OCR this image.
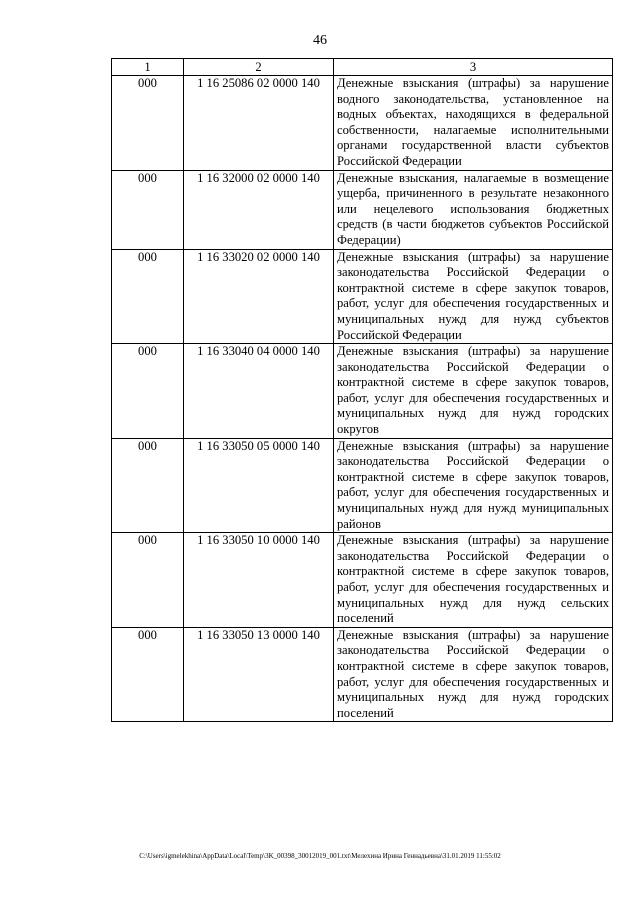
46
1	2	3
000	1 16 25086 02 0000 140	Денежные взыскания (штрафы) за нарушение водного законодательства, установленное на водных объектах, находящихся в федеральной собственности, налагаемые исполнительными органами государственной власти субъектов Российской Федерации
000	1 16 32000 02 0000 140	Денежные взыскания, налагаемые в возмещение ущерба, причиненного в результате незаконного или нецелевого использования бюджетных средств (в части бюджетов субъектов Российской Федерации)
000	1 16 33020 02 0000 140	Денежные взыскания (штрафы) за нарушение законодательства Российской Федерации о контрактной системе в сфере закупок товаров, работ, услуг для обеспечения государственных и муниципальных нужд для нужд субъектов Российской Федерации
000	1 16 33040 04 0000 140	Денежные взыскания (штрафы) за нарушение законодательства Российской Федерации о контрактной системе в сфере закупок товаров, работ, услуг для обеспечения государственных и муниципальных нужд для нужд городских округов
000	1 16 33050 05 0000 140	Денежные взыскания (штрафы) за нарушение законодательства Российской Федерации о контрактной системе в сфере закупок товаров, работ, услуг для обеспечения государственных и муниципальных нужд для нужд муниципальных районов
000	1 16 33050 10 0000 140	Денежные взыскания (штрафы) за нарушение законодательства Российской Федерации о контрактной системе в сфере закупок товаров, работ, услуг для обеспечения государственных и муниципальных нужд для нужд сельских поселений
000	1 16 33050 13 0000 140	Денежные взыскания (штрафы) за нарушение законодательства Российской Федерации о контрактной системе в сфере закупок товаров, работ, услуг для обеспечения государственных и муниципальных нужд для нужд городских поселений
C:\Users\igmelekhina\AppData\Local\Temp\3K_00398_30012019_001.txt\Мелехина Ирина Геннадьевна\31.01.2019 11:55:02
